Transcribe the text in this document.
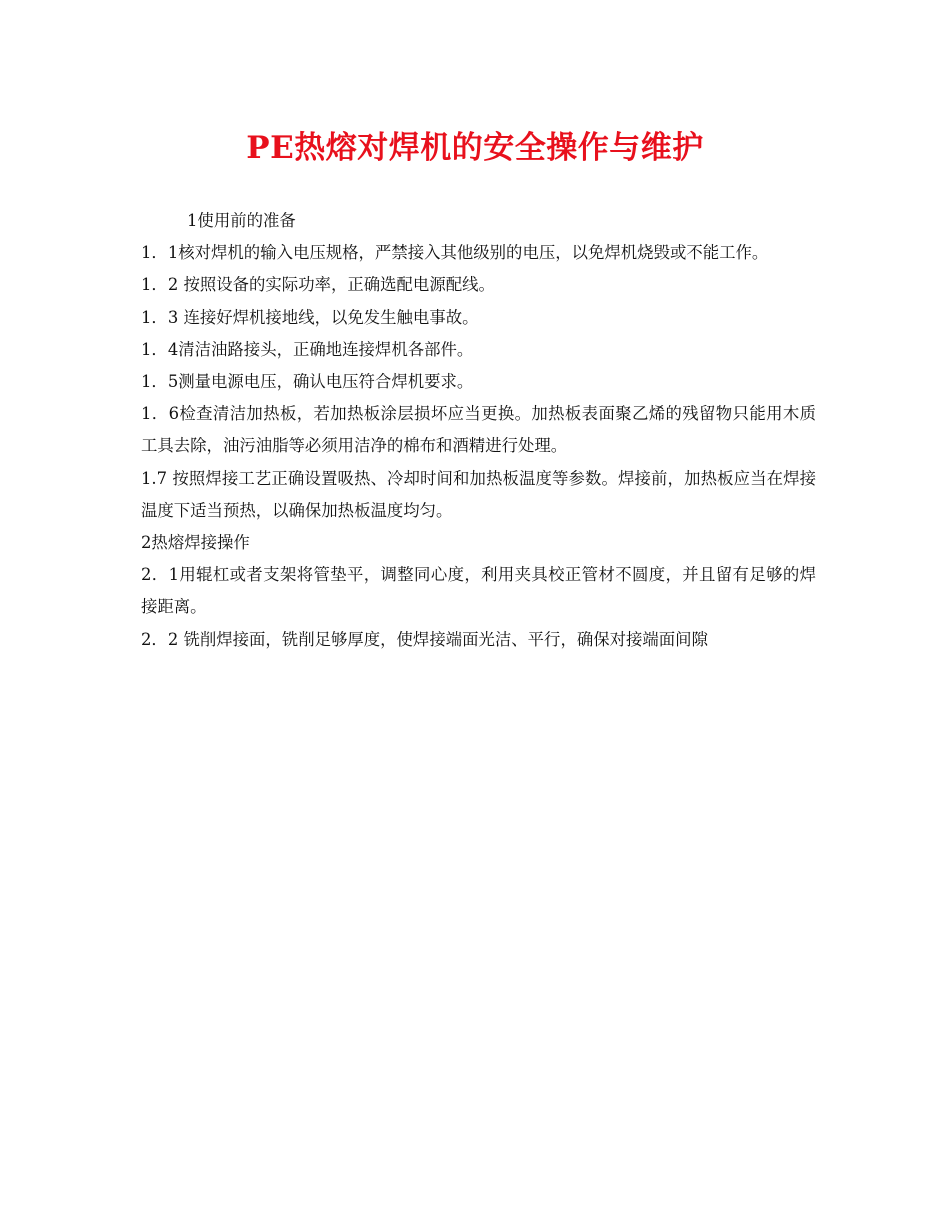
PE热熔对焊机的安全操作与维护

1使用前的准备

1．1核对焊机的输入电压规格，严禁接入其他级别的电压，以免焊机烧毁或不能工作。

1．2 按照设备的实际功率，正确选配电源配线。

1．3 连接好焊机接地线，以免发生触电事故。

1．4清洁油路接头，正确地连接焊机各部件。

1．5测量电源电压，确认电压符合焊机要求。

1．6检查清洁加热板，若加热板涂层损坏应当更换。加热板表面聚乙烯的残留物只能用木质工具去除，油污油脂等必须用洁净的棉布和酒精进行处理。

1.7 按照焊接工艺正确设置吸热、冷却时间和加热板温度等参数。焊接前，加热板应当在焊接温度下适当预热，以确保加热板温度均匀。

2热熔焊接操作

2．1用辊杠或者支架将管垫平，调整同心度，利用夹具校正管材不圆度，并且留有足够的焊接距离。

2．2 铣削焊接面，铣削足够厚度，使焊接端面光洁、平行，确保对接端面间隙
